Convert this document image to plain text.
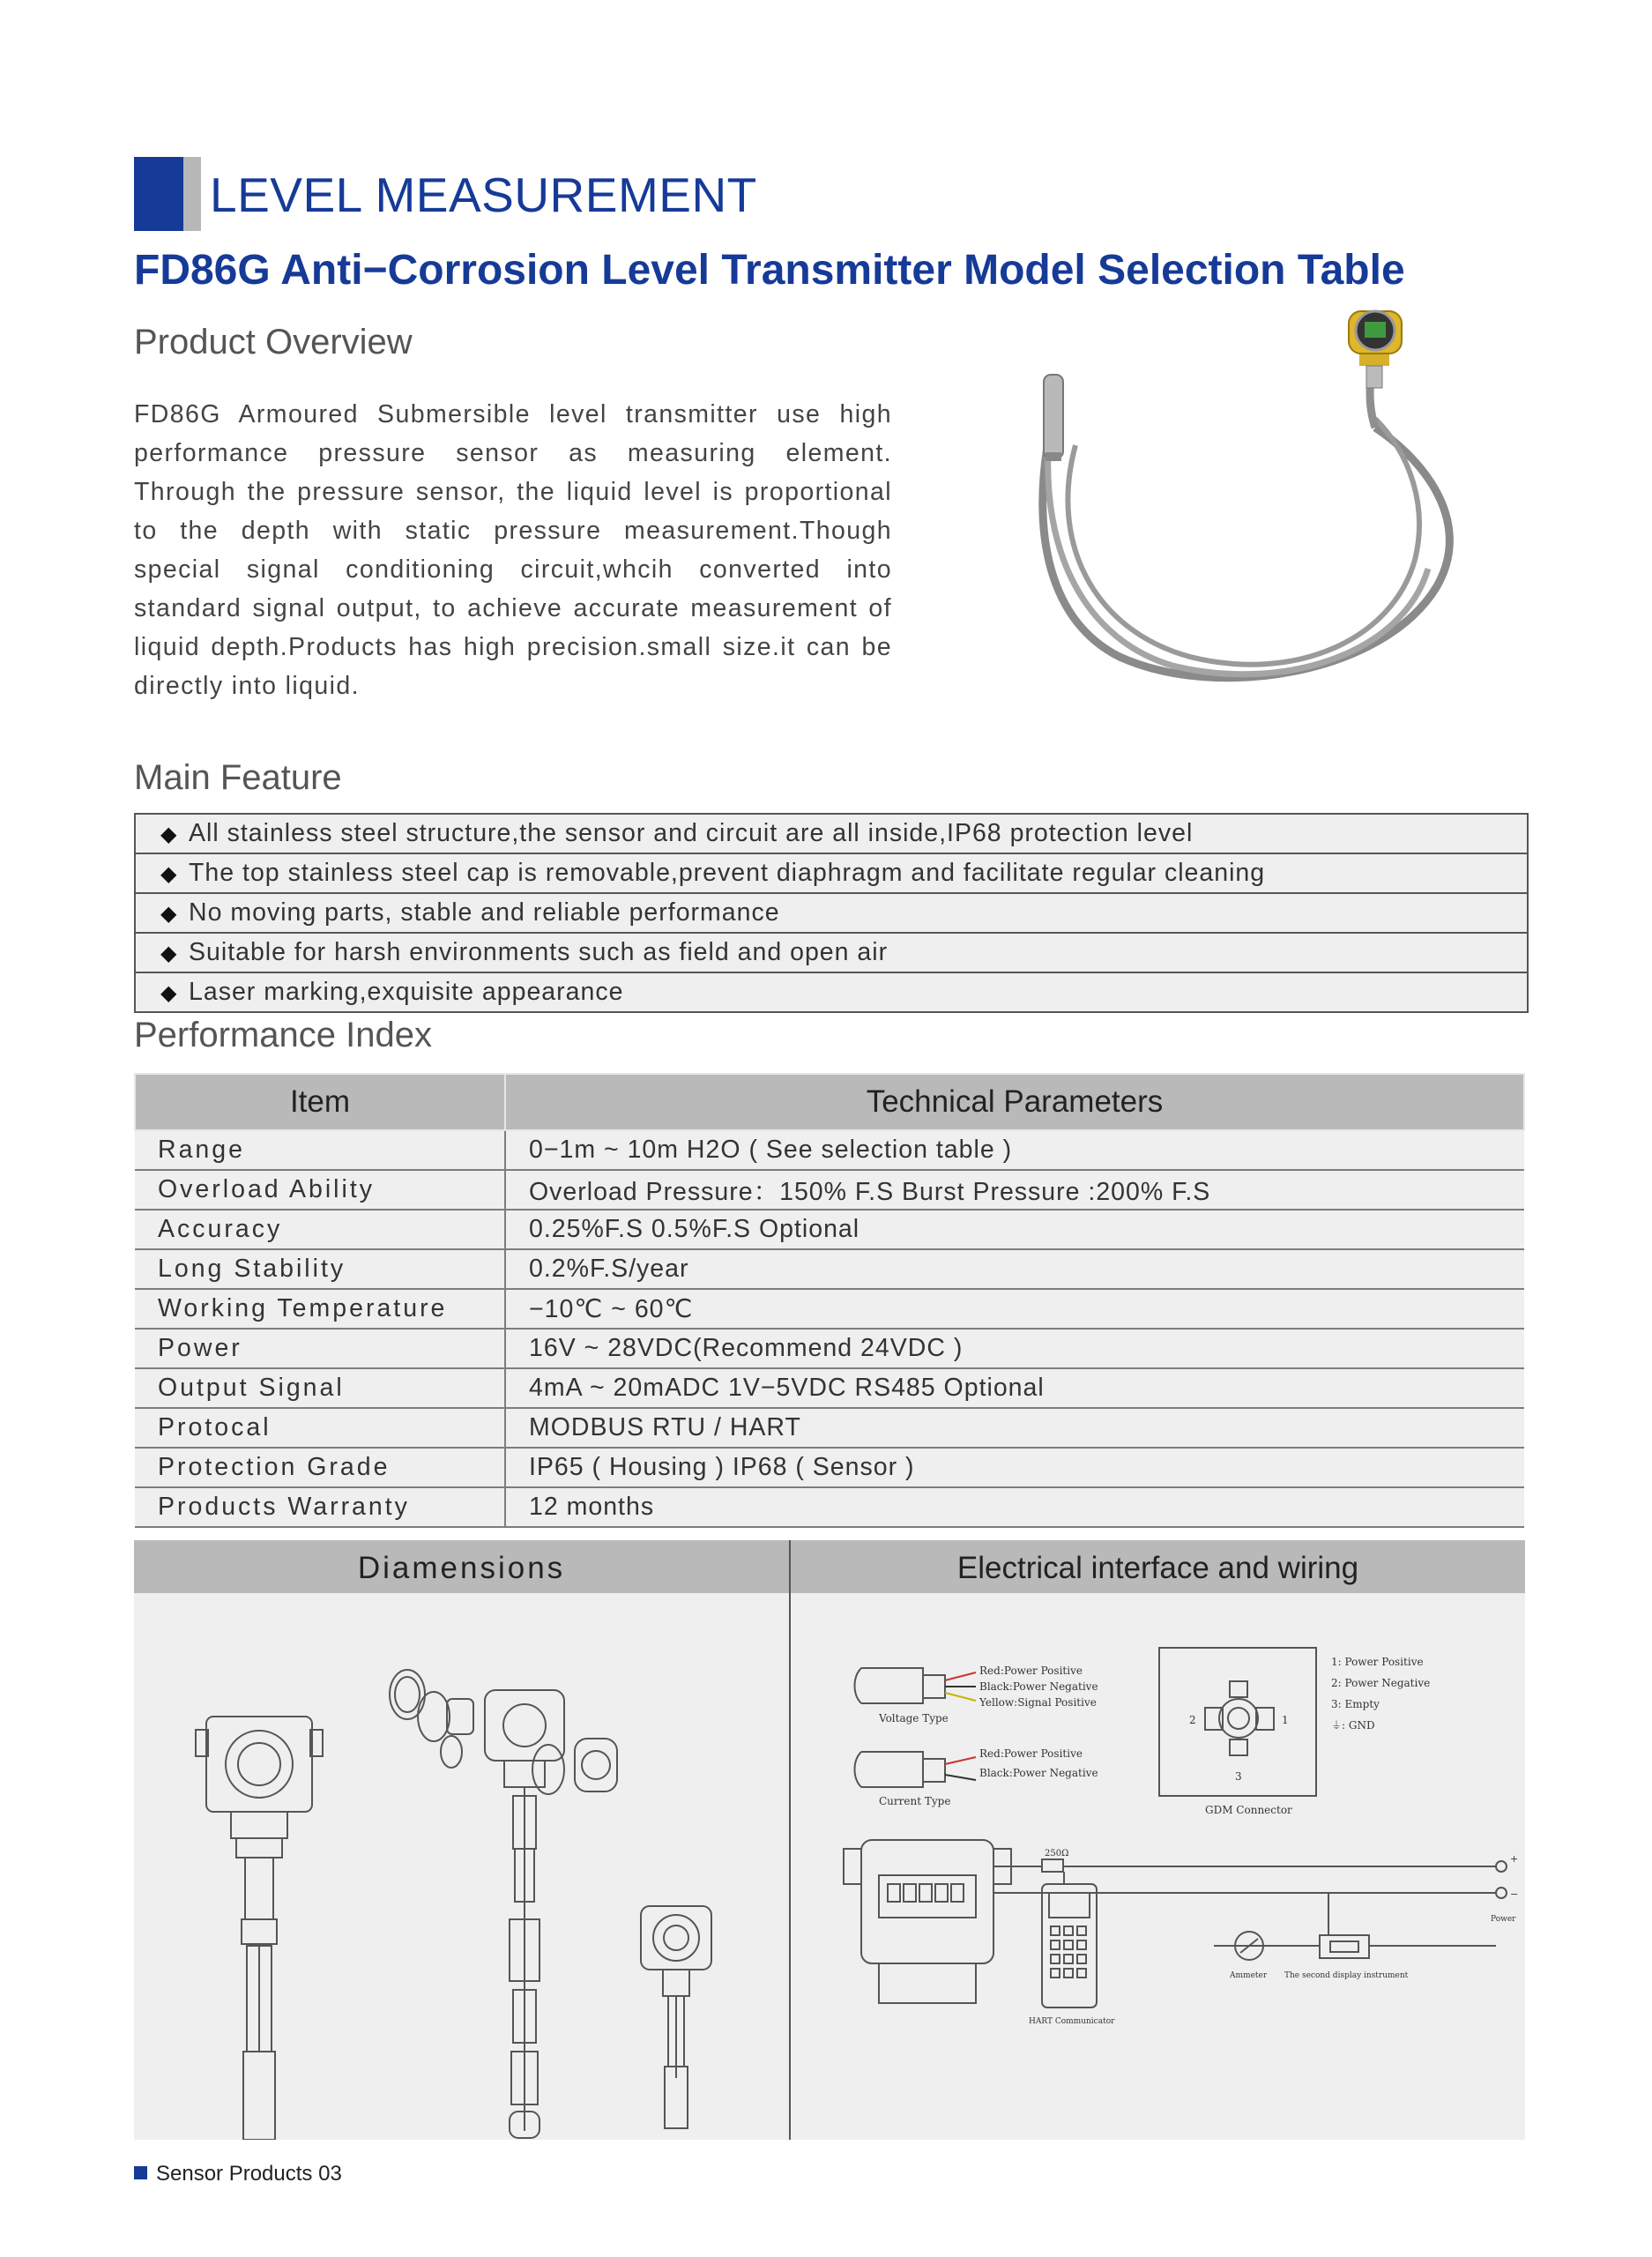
LEVEL MEASUREMENT
FD86G Anti−Corrosion Level Transmitter Model Selection Table
Product Overview
FD86G Armoured Submersible level transmitter use high performance pressure sensor as measuring element. Through the pressure sensor, the liquid level is proportional to the depth with static pressure measurement.Though special signal conditioning circuit,whcih converted into standard signal output, to achieve accurate measurement of liquid depth.Products has high precision.small size.it can be directly into liquid.
Main Feature
◆ All stainless steel structure,the sensor and circuit are all inside,IP68 protection level
◆ The top stainless steel cap is removable,prevent diaphragm and facilitate regular cleaning
◆ No moving parts, stable and reliable performance
◆ Suitable for harsh environments such as field and open air
◆ Laser marking,exquisite appearance
Performance Index
Item	Technical Parameters
Range	0−1m ~ 10m H2O ( See selection table )
Overload Ability	Overload Pressure：150% F.S Burst Pressure :200% F.S
Accuracy	0.25%F.S 0.5%F.S Optional
Long Stability	0.2%F.S/year
Working Temperature	−10℃ ~ 60℃
Power	16V ~ 28VDC(Recommend 24VDC )
Output Signal	4mA ~ 20mADC 1V−5VDC RS485 Optional
Protocal	MODBUS RTU / HART
Protection Grade	IP65 ( Housing ) IP68 ( Sensor )
Products Warranty	12 months
Diamensions	Electrical interface and wiring
Red:Power Positive
Black:Power Negative
Yellow:Signal Positive
Voltage Type
Red:Power Positive
Black:Power Negative
Current Type
1: Power Positive
2: Power Negative
3: Empty
⏚: GND
1
2
3
GDM Connector
250Ω
Power
+
−
Ammeter The second display instrument
HART Communicator
Sensor Products 03
